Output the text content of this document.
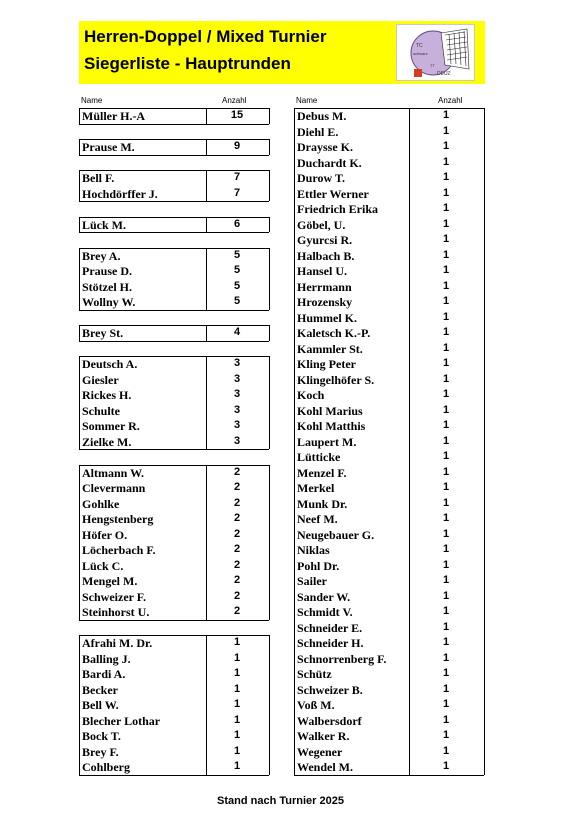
Herren-Doppel / Mixed Turnier
Siegerliste - Hauptrunden
TC
schwarz
DEUZ
TT
Name	Anzahl	Name	Anzahl
Müller H.-A	15
Prause M.	9
Bell F.	7
Hochdörffer J.	7
Lück M.	6
Brey A.	5
Prause D.	5
Stötzel H.	5
Wollny W.	5
Brey St.	4
Deutsch A.	3
Giesler	3
Rickes H.	3
Schulte	3
Sommer R.	3
Zielke M.	3
Altmann W.	2
Clevermann	2
Gohlke	2
Hengstenberg	2
Höfer O.	2
Löcherbach F.	2
Lück C.	2
Mengel M.	2
Schweizer F.	2
Steinhorst U.	2
Afrahi M. Dr.	1
Balling J.	1
Bardi A.	1
Becker	1
Bell W.	1
Blecher Lothar	1
Bock T.	1
Brey F.	1
Cohlberg	1
Debus M.	1
Diehl E.	1
Draysse K.	1
Duchardt K.	1
Durow T.	1
Ettler Werner	1
Friedrich Erika	1
Göbel, U.	1
Gyurcsi R.	1
Halbach B.	1
Hansel U.	1
Herrmann	1
Hrozensky	1
Hummel K.	1
Kaletsch K.-P.	1
Kammler St.	1
Kling Peter	1
Klingelhöfer S.	1
Koch	1
Kohl Marius	1
Kohl Matthis	1
Laupert M.	1
Lütticke	1
Menzel F.	1
Merkel	1
Munk Dr.	1
Neef M.	1
Neugebauer G.	1
Niklas	1
Pohl Dr.	1
Sailer	1
Sander W.	1
Schmidt V.	1
Schneider E.	1
Schneider H.	1
Schnorrenberg F.	1
Schütz	1
Schweizer B.	1
Voß M.	1
Walbersdorf	1
Walker R.	1
Wegener	1
Wendel M.	1
Stand nach Turnier 2025
